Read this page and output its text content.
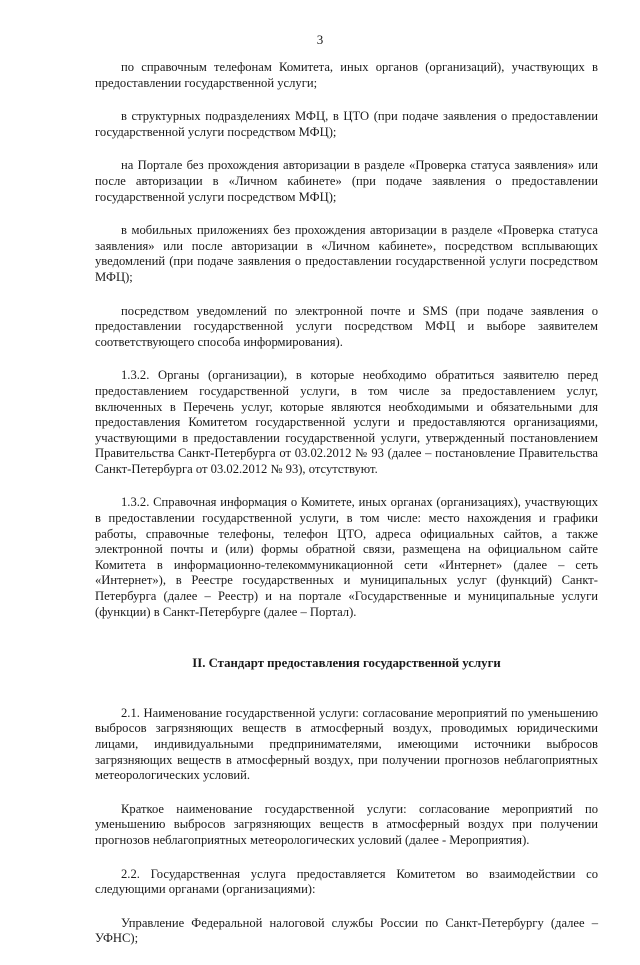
3

по справочным телефонам Комитета, иных органов (организаций), участвующих в предоставлении государственной услуги;

в структурных подразделениях МФЦ, в ЦТО (при подаче заявления о предоставлении государственной услуги посредством МФЦ);

на Портале без прохождения авторизации в разделе «Проверка статуса заявления» или после авторизации в «Личном кабинете» (при подаче заявления о предоставлении государственной услуги посредством МФЦ);

в мобильных приложениях без прохождения авторизации в разделе «Проверка статуса заявления» или после авторизации в «Личном кабинете», посредством всплывающих уведомлений (при подаче заявления о предоставлении государственной услуги посредством МФЦ);

посредством уведомлений по электронной почте и SMS (при подаче заявления о предоставлении государственной услуги посредством МФЦ и выборе заявителем соответствующего способа информирования).

1.3.2. Органы (организации), в которые необходимо обратиться заявителю перед предоставлением государственной услуги, в том числе за предоставлением услуг, включенных в Перечень услуг, которые являются необходимыми и обязательными для предоставления Комитетом государственной услуги и предоставляются организациями, участвующими в предоставлении государственной услуги, утвержденный постановлением Правительства Санкт-Петербурга от 03.02.2012 № 93 (далее – постановление Правительства Санкт-Петербурга от 03.02.2012 № 93), отсутствуют.

1.3.2. Справочная информация о Комитете, иных органах (организациях), участвующих в предоставлении государственной услуги, в том числе: место нахождения и графики работы, справочные телефоны, телефон ЦТО, адреса официальных сайтов, а также электронной почты и (или) формы обратной связи, размещена на официальном сайте Комитета в информационно-телекоммуникационной сети «Интернет» (далее – сеть «Интернет»), в Реестре государственных и муниципальных услуг (функций) Санкт-Петербурга (далее – Реестр) и на портале «Государственные и муниципальные услуги (функции) в Санкт-Петербурге (далее – Портал).

II. Стандарт предоставления государственной услуги

2.1. Наименование государственной услуги: согласование мероприятий по уменьшению выбросов загрязняющих веществ в атмосферный воздух, проводимых юридическими лицами, индивидуальными предпринимателями, имеющими источники выбросов загрязняющих веществ в атмосферный воздух, при получении прогнозов неблагоприятных метеорологических условий.

Краткое наименование государственной услуги: согласование мероприятий по уменьшению выбросов загрязняющих веществ в атмосферный воздух при получении прогнозов неблагоприятных метеорологических условий (далее - Мероприятия).

2.2. Государственная услуга предоставляется Комитетом во взаимодействии со следующими органами (организациями):

Управление Федеральной налоговой службы России по Санкт-Петербургу (далее – УФНС);
